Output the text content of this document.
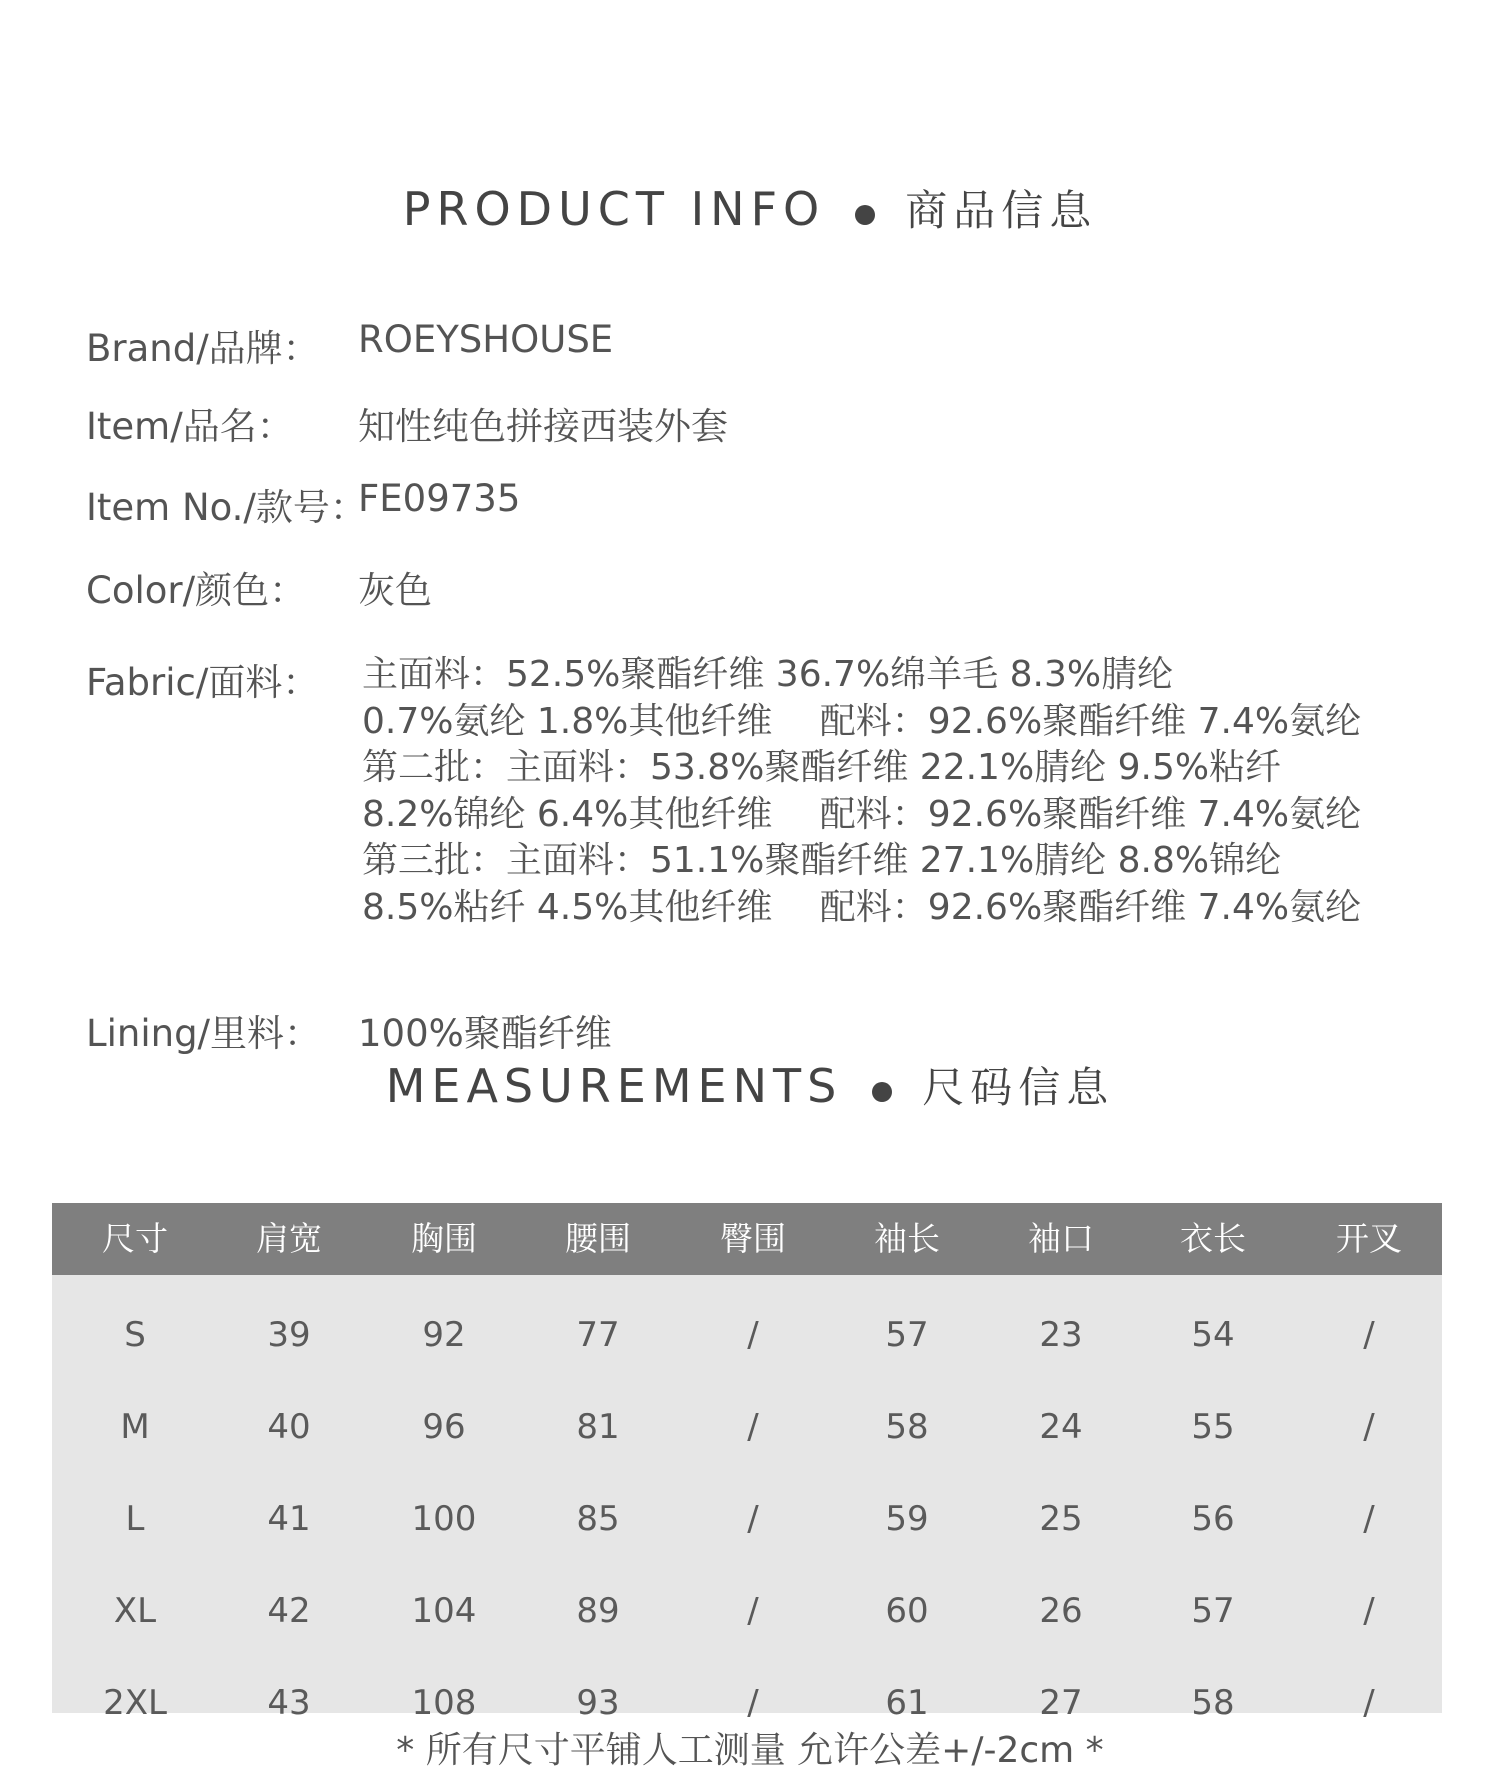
PRODUCT INFO 商品信息
Brand/品牌： ROEYSHOUSE
Item/品名： 知性纯色拼接西装外套
Item No./款号：
FE09735
Color/颜色： 灰色
Fabric/面料： 主面料：52.5%聚酯纤维 36.7%绵羊毛 8.3%腈纶
0.7%氨纶 1.8%其他纤维　 配料：92.6%聚酯纤维 7.4%氨纶
第二批：主面料：53.8%聚酯纤维 22.1%腈纶 9.5%粘纤
8.2%锦纶 6.4%其他纤维　 配料：92.6%聚酯纤维 7.4%氨纶
第三批：主面料：51.1%聚酯纤维 27.1%腈纶 8.8%锦纶
8.5%粘纤 4.5%其他纤维　 配料：92.6%聚酯纤维 7.4%氨纶
Lining/里料： 100%聚酯纤维
MEASUREMENTS 尺码信息
尺寸	肩宽	胸围	腰围	臀围	袖长	袖口	衣长	开叉
S	39	92	77	/	57	23	54	/
M	40	96	81	/	58	24	55	/
L	41	100	85	/	59	25	56	/
XL	42	104	89	/	60	26	57	/
2XL	43	108	93	/	61	27	58	/
* 所有尺寸平铺人工测量 允许公差+/-2cm *
